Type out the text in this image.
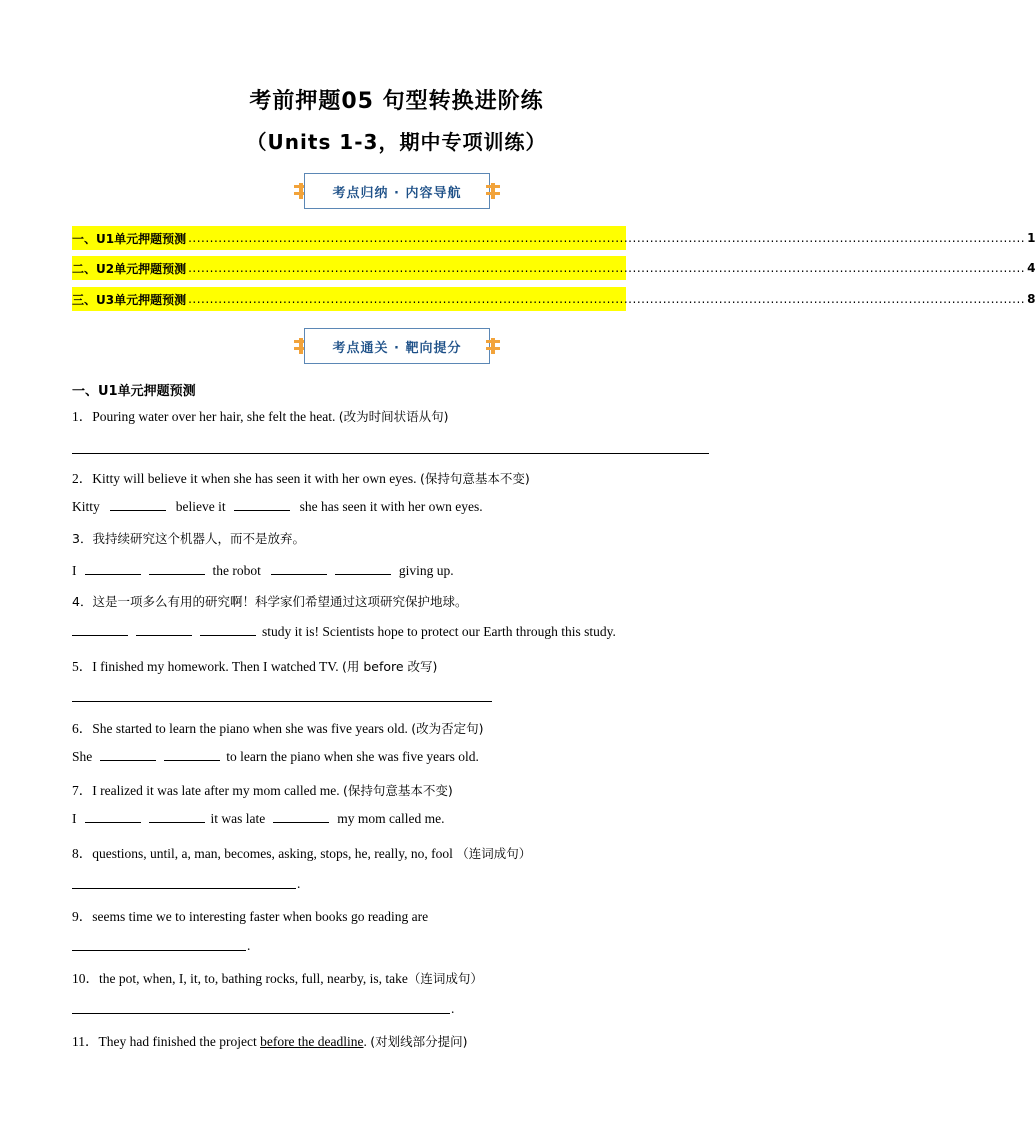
考前押题05 句型转换进阶练
（Units 1-3，期中专项训练）
考点归纳 · 内容导航
一、U1单元押题预测 .................................................................................................................................................................................................. 1
二、U2单元押题预测 .................................................................................................................................................................................................. 4
三、U3单元押题预测 .................................................................................................................................................................................................. 8
考点通关 · 靶向提分
一、U1单元押题预测
1．Pouring water over her hair, she felt the heat. (改为时间状语从句)
2．Kitty will believe it when she has seen it with her own eyes. (保持句意基本不变)
Kitty	believe it	she has seen it with her own eyes.
3．我持续研究这个机器人，而不是放弃。
I	the robot	giving up.
4．这是一项多么有用的研究啊！科学家们希望通过这项研究保护地球。
study it is! Scientists hope to protect our Earth through this study.
5．I finished my homework. Then I watched TV. (用 before 改写)
6．She started to learn the piano when she was five years old. (改为否定句)
She	to learn the piano when she was five years old.
7．I realized it was late after my mom called me. (保持句意基本不变)
I	it was late	my mom called me.
8．questions, until, a, man, becomes, asking, stops, he, really, no, fool （连词成句）
.
9．seems time we to interesting faster when books go reading are
.
10．the pot, when, I, it, to, bathing rocks, full, nearby, is, take（连词成句）
.
11．They had finished the project before the deadline. (对划线部分提问)
